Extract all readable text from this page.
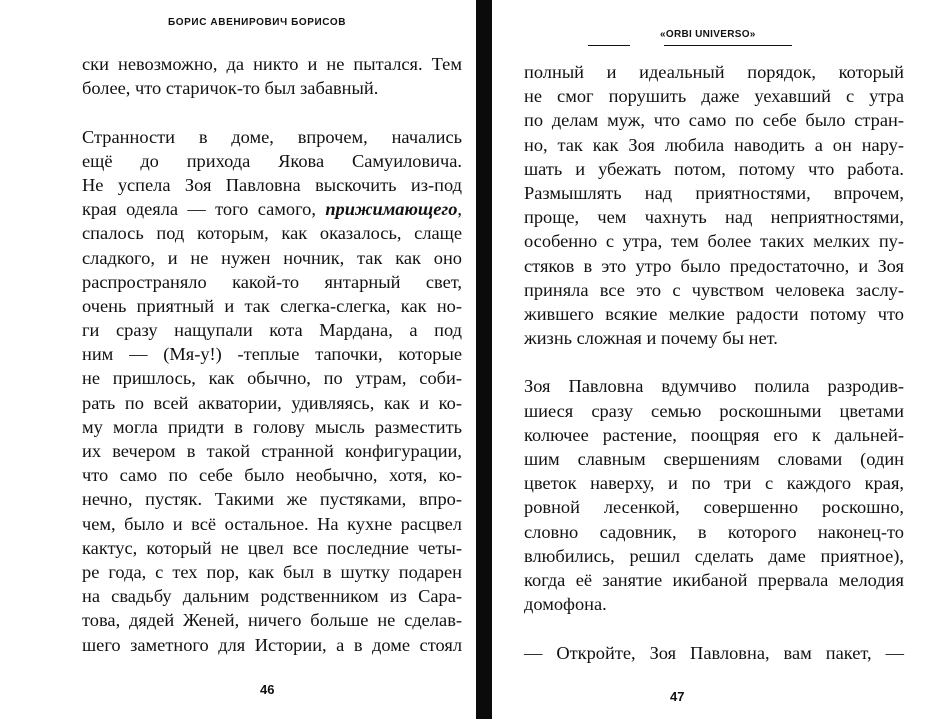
БОРИС АВЕНИРОВИЧ БОРИСОВ
ски невозможно, да никто и не пытался. Тем
более, что старичок-то был забавный.
Странности в доме, впрочем, начались
ещё до прихода Якова Самуиловича.
Не успела Зоя Павловна выскочить из-под
края одеяла — того самого, прижимающего,
спалось под которым, как оказалось, слаще
сладкого, и не нужен ночник, так как оно
распространяло какой-то янтарный свет,
очень приятный и так слегка-слегка, как но-
ги сразу нащупали кота Мардана, а под
ним — (Мя-у!) -теплые тапочки, которые
не пришлось, как обычно, по утрам, соби-
рать по всей акватории, удивляясь, как и ко-
му могла придти в голову мысль разместить
их вечером в такой странной конфигурации,
что само по себе было необычно, хотя, ко-
нечно, пустяк. Такими же пустяками, впро-
чем, было и всё остальное. На кухне расцвел
кактус, который не цвел все последние четы-
ре года, с тех пор, как был в шутку подарен
на свадьбу дальним родственником из Сара-
това, дядей Женей, ничего больше не сделав-
шего заметного для Истории, а в доме стоял
46
«ORBI UNIVERSO»
полный и идеальный порядок, который
не смог порушить даже уехавший с утра
по делам муж, что само по себе было стран-
но, так как Зоя любила наводить а он нару-
шать и убежать потом, потому что работа.
Размышлять над приятностями, впрочем,
проще, чем чахнуть над неприятностями,
особенно с утра, тем более таких мелких пу-
стяков в это утро было предостаточно, и Зоя
приняла все это с чувством человека заслу-
жившего всякие мелкие радости потому что
жизнь сложная и почему бы нет.
Зоя Павловна вдумчиво полила разродив-
шиеся сразу семью роскошными цветами
колючее растение, поощряя его к дальней-
шим славным свершениям словами (один
цветок наверху, и по три с каждого края,
ровной лесенкой, совершенно роскошно,
словно садовник, в которого наконец-то
влюбились, решил сделать даме приятное),
когда её занятие икибаной прервала мелодия
домофона.
— Откройте, Зоя Павловна, вам пакет, —
47
